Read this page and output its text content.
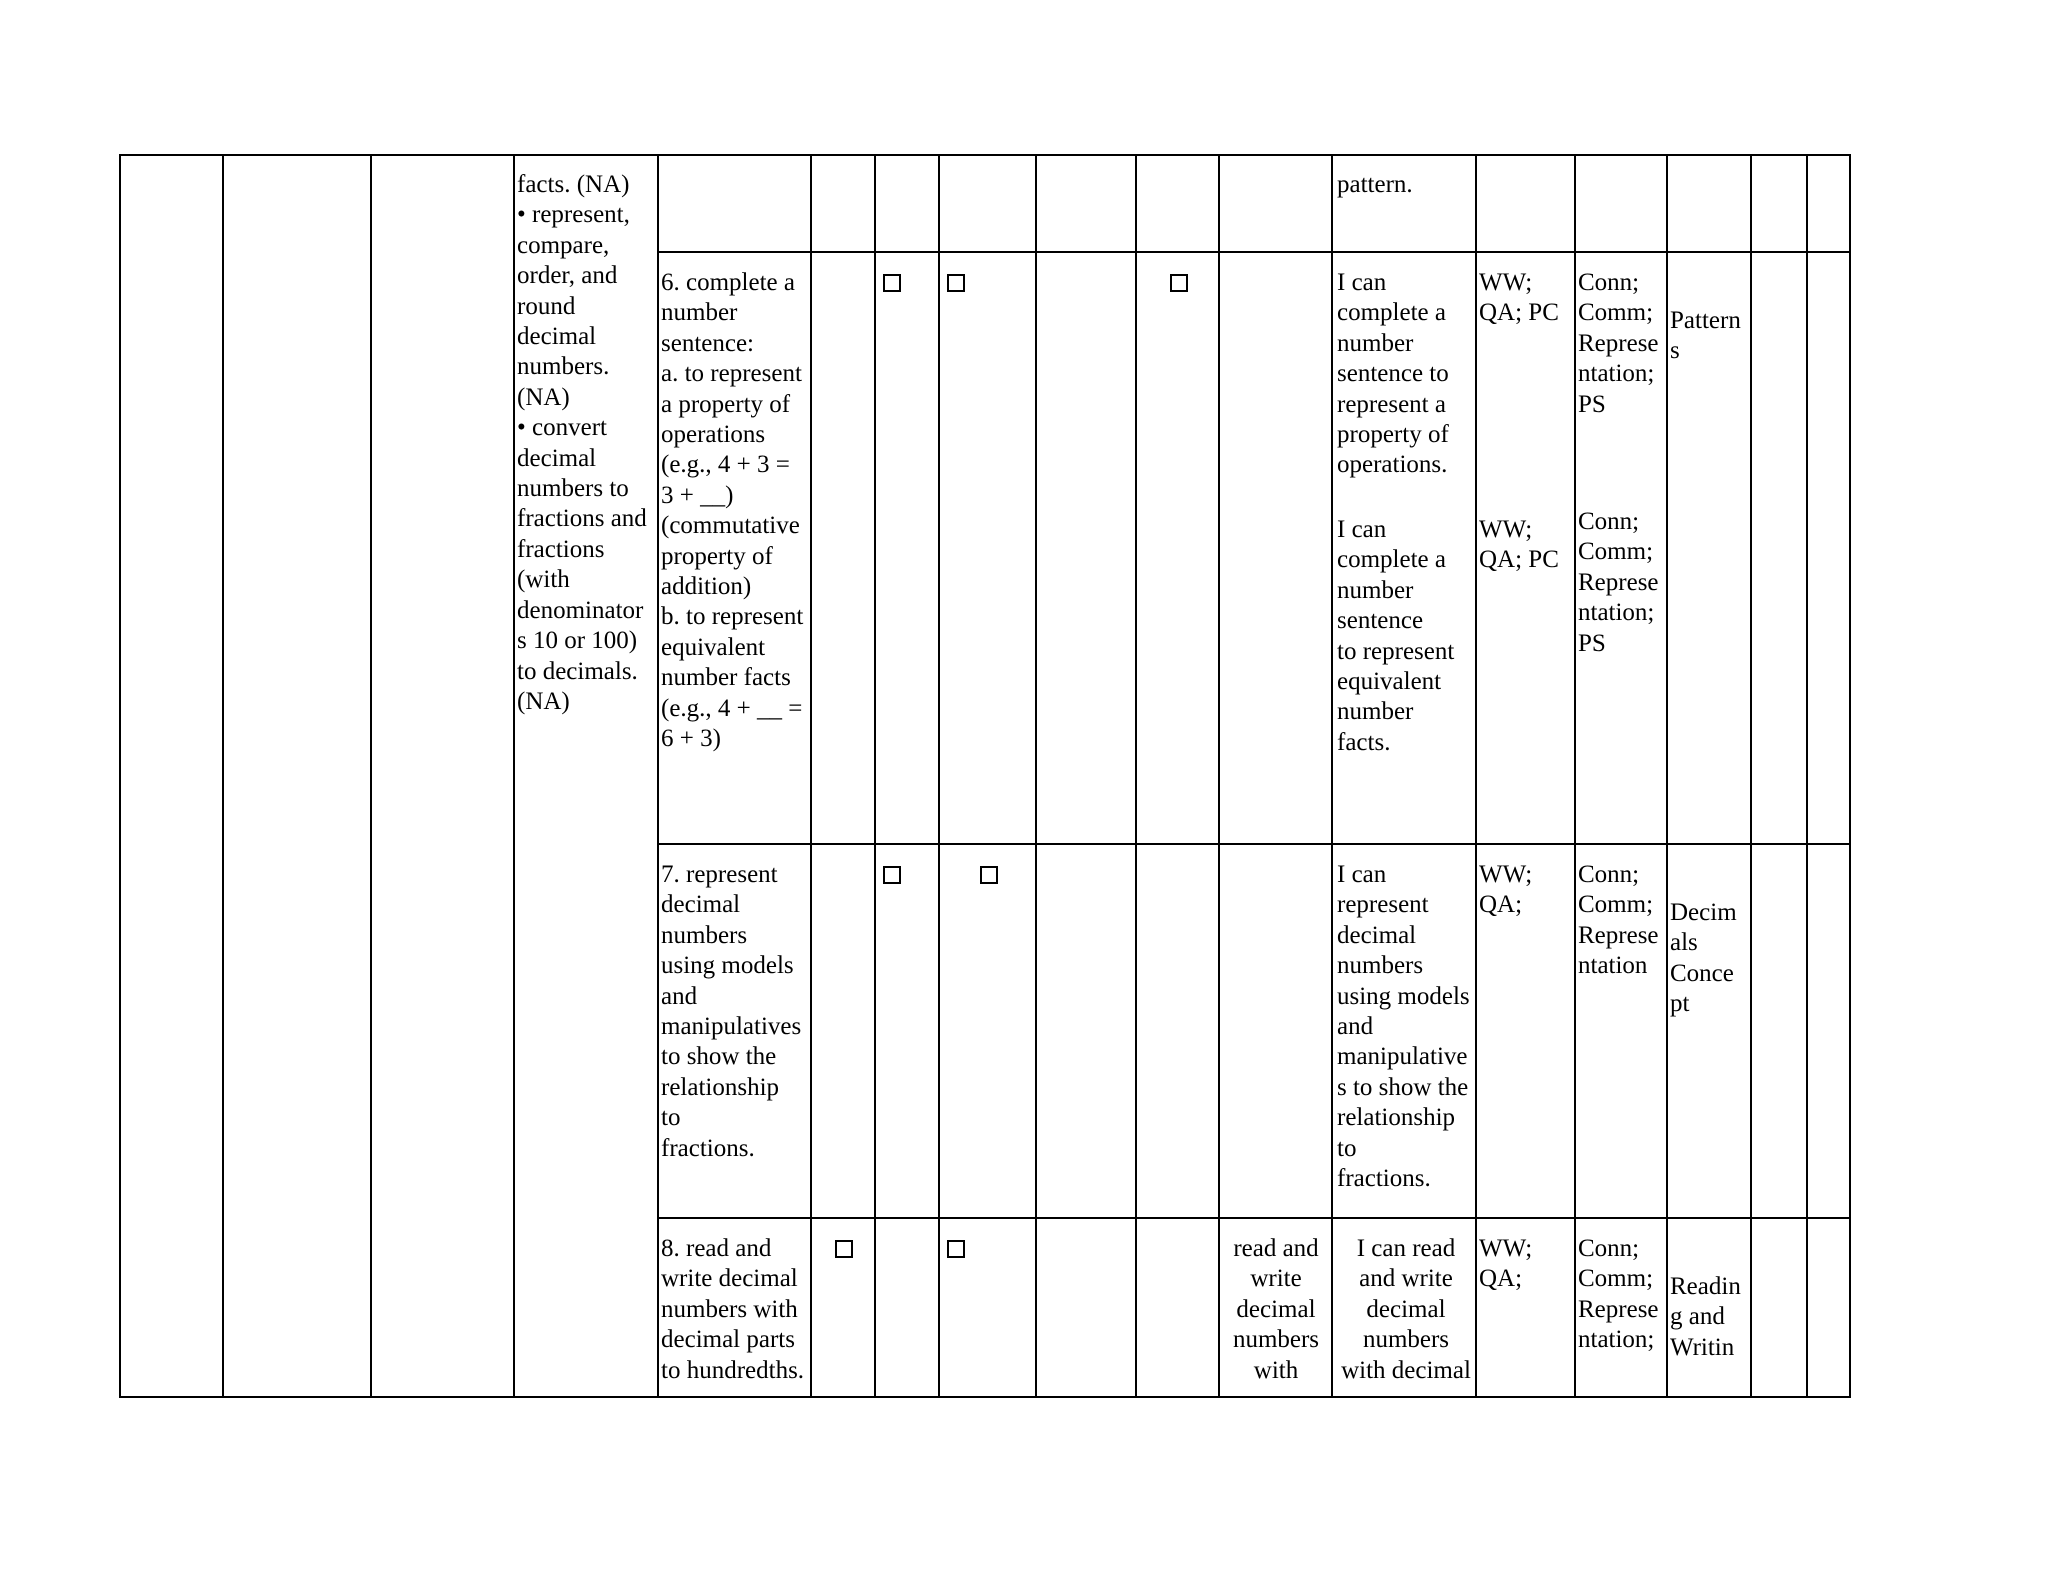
facts. (NA)
• represent,
compare,
order, and
round
decimal
numbers.
(NA)
• convert
decimal
numbers to
fractions and
fractions
(with
denominator
s 10 or 100)
to decimals.
(NA)
pattern.
6. complete a
number
sentence:
a. to represent
a property of
operations
(e.g., 4 + 3 =
3 + __)
(commutative
property of
addition)
b. to represent
equivalent
number facts
(e.g., 4 + __ =
6 + 3)
I can
complete a
number
sentence to
represent a
property of
operations.
I can
complete a
number
sentence
to represent
equivalent
number
facts.
WW;
QA; PC
WW;
QA; PC
Conn;
Comm;
Represe
ntation;
PS
Conn;
Comm;
Represe
ntation;
PS
Pattern
s
7. represent
decimal
numbers
using models
and
manipulatives
to show the
relationship
to
fractions.
I can
represent
decimal
numbers
using models
and
manipulative
s to show the
relationship
to
fractions.
WW;
QA;
Conn;
Comm;
Represe
ntation
Decim
als
Conce
pt
8. read and
write decimal
numbers with
decimal parts
to hundredths.
read and
write
decimal
numbers
with
I can read
and write
decimal
numbers
with decimal
WW;
QA;
Conn;
Comm;
Represe
ntation;
Readin
g and
Writin
